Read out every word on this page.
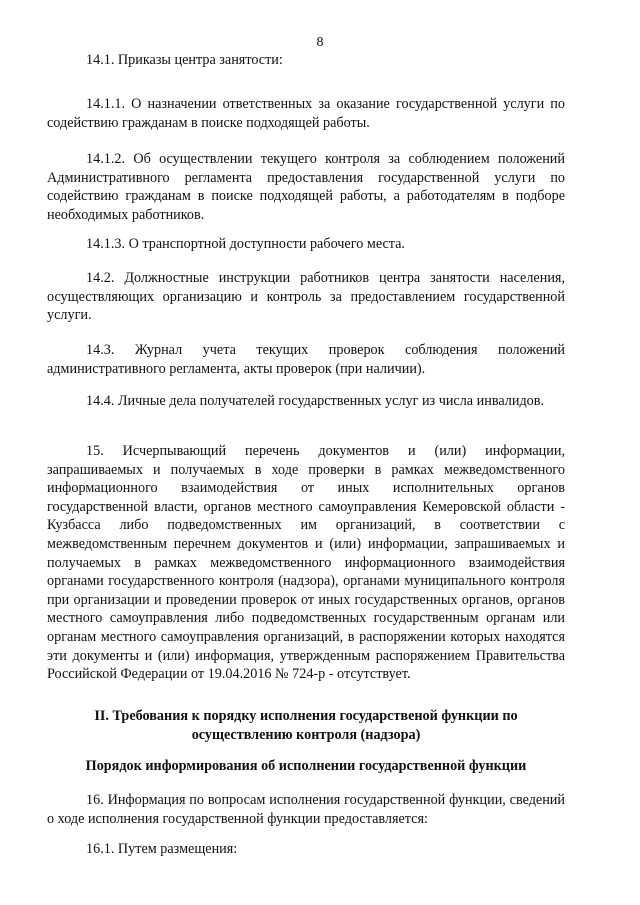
8

14.1. Приказы центра занятости:

14.1.1. О назначении ответственных за оказание государственной услуги по содействию гражданам в поиске подходящей работы.

14.1.2. Об осуществлении текущего контроля за соблюдением положений Административного регламента предоставления государственной услуги по содействию гражданам в поиске подходящей работы, а работодателям в подборе необходимых работников.

14.1.3. О транспортной доступности рабочего места.

14.2. Должностные инструкции работников центра занятости населения, осуществляющих организацию и контроль за предоставлением государственной услуги.

14.3. Журнал учета текущих проверок соблюдения положений административного регламента, акты проверок (при наличии).

14.4. Личные дела получателей государственных услуг из числа инвалидов.

15. Исчерпывающий перечень документов и (или) информации, запрашиваемых и получаемых в ходе проверки в рамках межведомственного информационного взаимодействия от иных исполнительных органов государственной власти, органов местного самоуправления Кемеровской области - Кузбасса либо подведомственных им организаций, в соответствии с межведомственным перечнем документов и (или) информации, запрашиваемых и получаемых в рамках межведомственного информационного взаимодействия органами государственного контроля (надзора), органами муниципального контроля при организации и проведении проверок от иных государственных органов, органов местного самоуправления либо подведомственных государственным органам или органам местного самоуправления организаций, в распоряжении которых находятся эти документы и (или) информация, утвержденным распоряжением Правительства Российской Федерации от 19.04.2016 № 724-р - отсутствует.

II. Требования к порядку исполнения государственой функции по осуществлению контроля (надзора)
Порядок информирования об исполнении государственной функции

16. Информация по вопросам исполнения государственной функции, сведений о ходе исполнения государственной функции предоставляется:

16.1. Путем размещения:
